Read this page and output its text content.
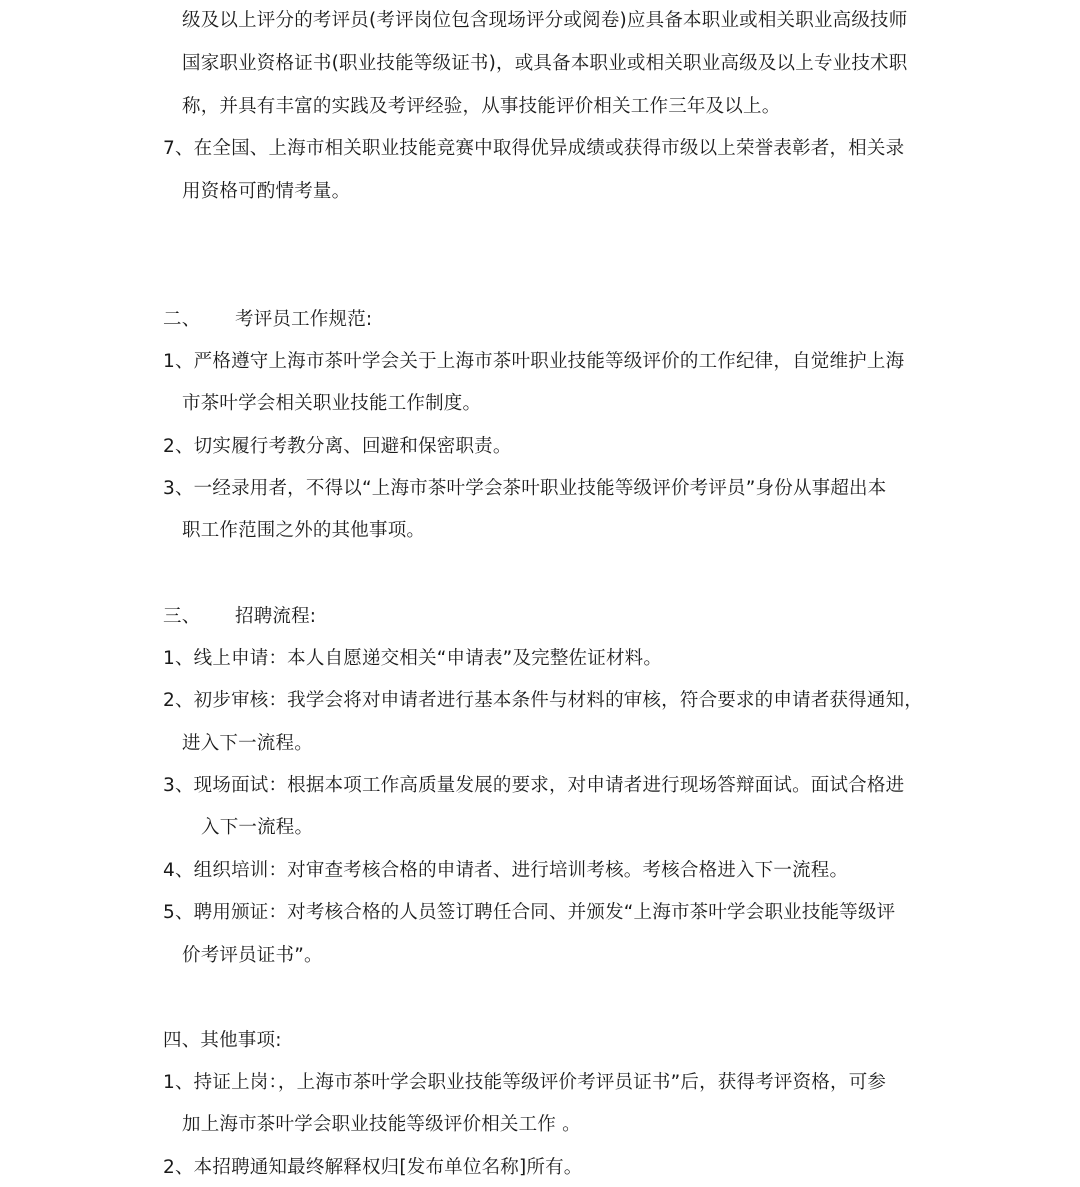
级及以上评分的考评员(考评岗位包含现场评分或阅卷)应具备本职业或相关职业高级技师
国家职业资格证书(职业技能等级证书)，或具备本职业或相关职业高级及以上专业技术职
称，并具有丰富的实践及考评经验，从事技能评价相关工作三年及以上。
7、在全国、上海市相关职业技能竞赛中取得优异成绩或获得市级以上荣誉表彰者，相关录
用资格可酌情考量。
二、 考评员工作规范:
1、严格遵守上海市茶叶学会关于上海市茶叶职业技能等级评价的工作纪律，自觉维护上海
市茶叶学会相关职业技能工作制度。
2、切实履行考教分离、回避和保密职责。
3、一经录用者，不得以“上海市茶叶学会茶叶职业技能等级评价考评员”身份从事超出本
职工作范围之外的其他事项。
三、 招聘流程:
1、线上申请：本人自愿递交相关“申请表”及完整佐证材料。
2、初步审核：我学会将对申请者进行基本条件与材料的审核，符合要求的申请者获得通知，
进入下一流程。
3、现场面试：根据本项工作高质量发展的要求，对申请者进行现场答辩面试。面试合格进
入下一流程。
4、组织培训：对审查考核合格的申请者、进行培训考核。考核合格进入下一流程。
5、聘用颁证：对考核合格的人员签订聘任合同、并颁发“上海市茶叶学会职业技能等级评
价考评员证书”。
四、其他事项:
1、持证上岗：，上海市茶叶学会职业技能等级评价考评员证书”后，获得考评资格，可参
加上海市茶叶学会职业技能等级评价相关工作 。
2、本招聘通知最终解释权归[发布单位名称]所有。
